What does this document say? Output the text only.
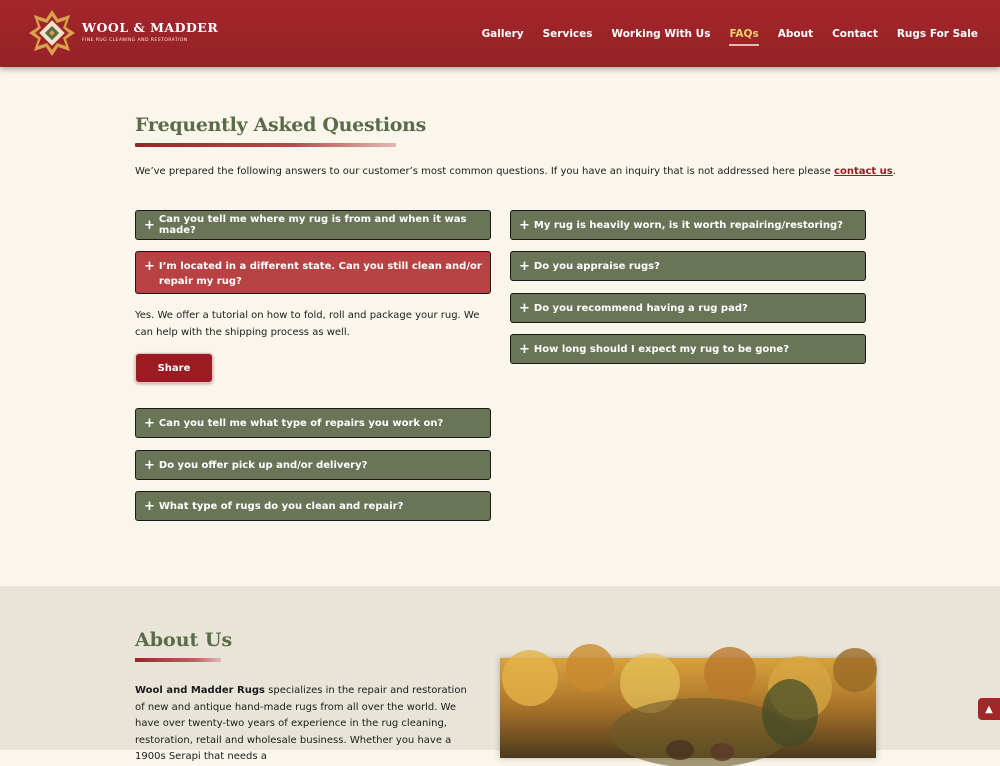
WOOL & MADDER
FINE RUG CLEANING AND RESTORATION
Gallery Services Working With Us FAQs About Contact Rugs For Sale
Frequently Asked Questions

We’ve prepared the following answers to our customer’s most common questions. If you have an inquiry that is not addressed here please contact us.

+ Can you tell me where my rug is from and when it was made?
+ I’m located in a different state. Can you still clean and/or repair my rug?

Yes. We offer a tutorial on how to fold, roll and package your rug. We can help with the shipping process as well.

Share
+ Can you tell me what type of repairs you work on?
+ Do you offer pick up and/or delivery?
+ What type of rugs do you clean and repair?
+ My rug is heavily worn, is it worth repairing/restoring?
+ Do you appraise rugs?
+ Do you recommend having a rug pad?
+ How long should I expect my rug to be gone?
About Us

Wool and Madder Rugs specializes in the repair and restoration of new and antique hand-made rugs from all over the world. We have over twenty-two years of experience in the rug cleaning, restoration, retail and wholesale business. Whether you have a 1900s Serapi that needs a

▲
